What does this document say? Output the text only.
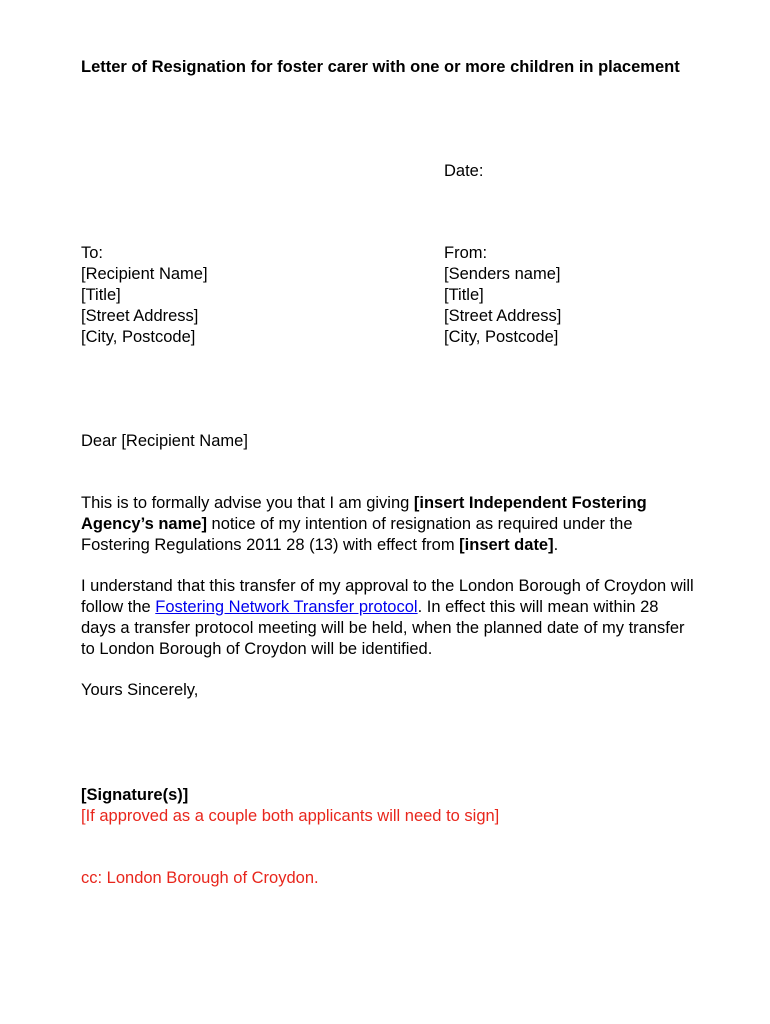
Letter of Resignation for foster carer with one or more children in placement
Date:
To:
[Recipient Name]
[Title]
[Street Address]
[City, Postcode]
From:
[Senders name]
[Title]
[Street Address]
[City, Postcode]
Dear [Recipient Name]
This is to formally advise you that I am giving [insert Independent Fostering Agency’s name] notice of my intention of resignation as required under the Fostering Regulations 2011 28 (13) with effect from [insert date].
I understand that this transfer of my approval to the London Borough of Croydon will follow the Fostering Network Transfer protocol. In effect this will mean within 28 days a transfer protocol meeting will be held, when the planned date of my transfer to London Borough of Croydon will be identified.
Yours Sincerely,
[Signature(s)]
[If approved as a couple both applicants will need to sign]
cc: London Borough of Croydon.
